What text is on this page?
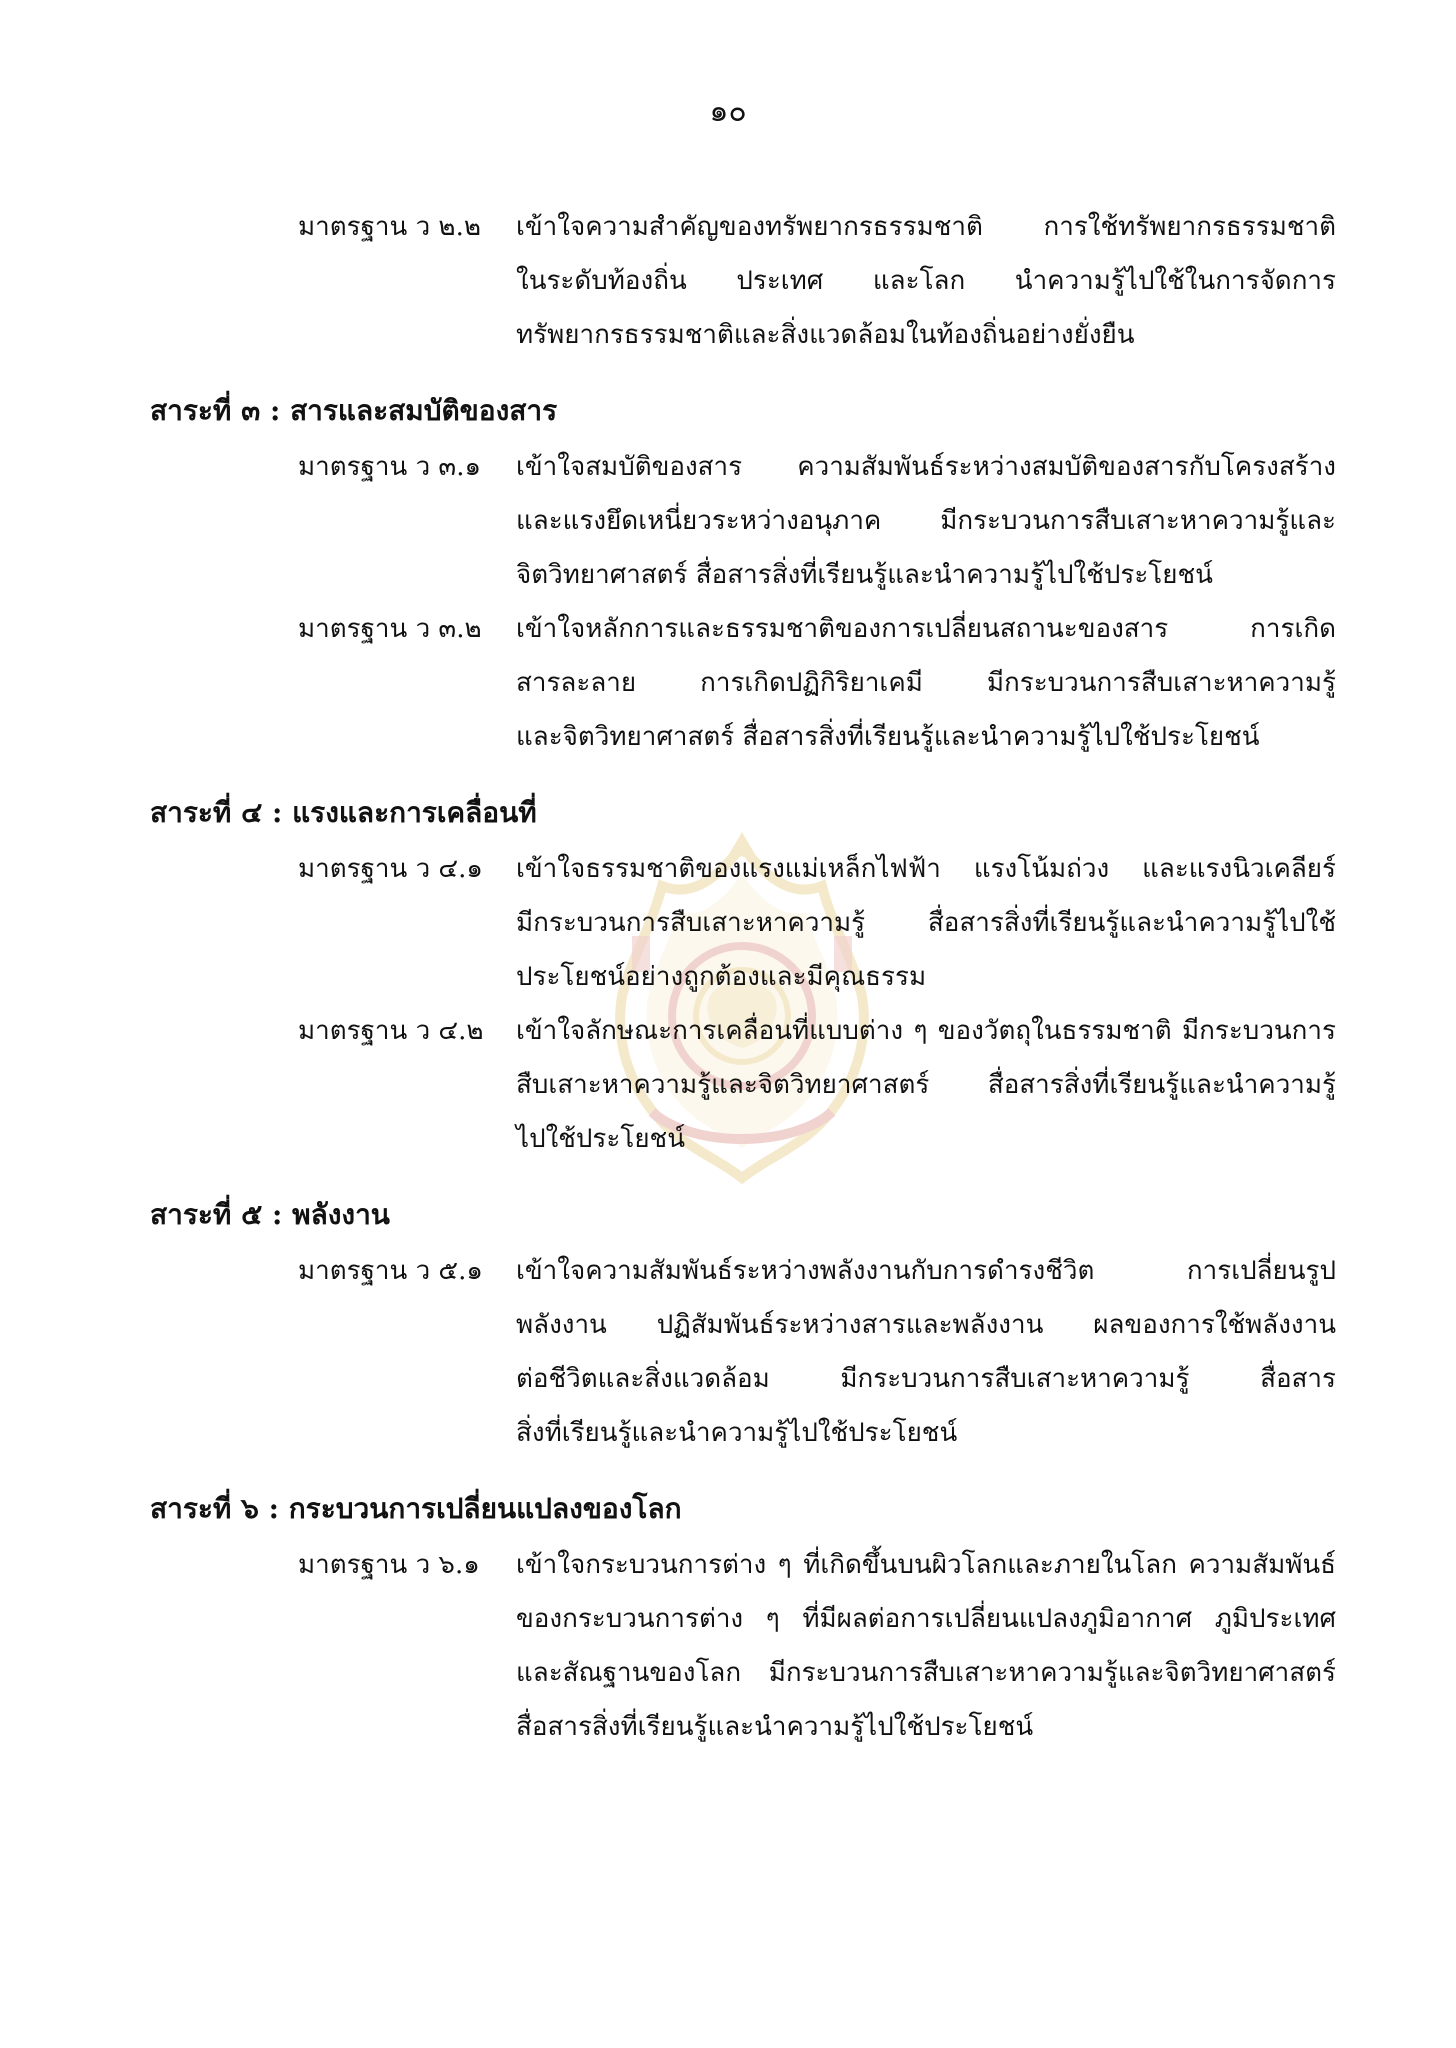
๑๐
มาตรฐาน ว ๒.๒	เข้าใจความสำคัญของทรัพยากรธรรมชาติ การใช้ทรัพยากรธรรมชาติ
ในระดับท้องถิ่น ประเทศ และโลก นำความรู้ไปใช้ในการจัดการ
ทรัพยากรธรรมชาติและสิ่งแวดล้อมในท้องถิ่นอย่างยั่งยืน
สาระที่ ๓ : สารและสมบัติของสาร
มาตรฐาน ว ๓.๑	เข้าใจสมบัติของสาร ความสัมพันธ์ระหว่างสมบัติของสารกับโครงสร้าง
และแรงยึดเหนี่ยวระหว่างอนุภาค มีกระบวนการสืบเสาะหาความรู้และ
จิตวิทยาศาสตร์ สื่อสารสิ่งที่เรียนรู้และนำความรู้ไปใช้ประโยชน์
มาตรฐาน ว ๓.๒	เข้าใจหลักการและธรรมชาติของการเปลี่ยนสถานะของสาร การเกิด
สารละลาย การเกิดปฏิกิริยาเคมี มีกระบวนการสืบเสาะหาความรู้
และจิตวิทยาศาสตร์ สื่อสารสิ่งที่เรียนรู้และนำความรู้ไปใช้ประโยชน์
สาระที่ ๔ : แรงและการเคลื่อนที่
มาตรฐาน ว ๔.๑	เข้าใจธรรมชาติของแรงแม่เหล็กไฟฟ้า แรงโน้มถ่วง และแรงนิวเคลียร์
มีกระบวนการสืบเสาะหาความรู้ สื่อสารสิ่งที่เรียนรู้และนำความรู้ไปใช้
ประโยชน์อย่างถูกต้องและมีคุณธรรม
มาตรฐาน ว ๔.๒	เข้าใจลักษณะการเคลื่อนที่แบบต่าง ๆ ของวัตถุในธรรมชาติ มีกระบวนการ
สืบเสาะหาความรู้และจิตวิทยาศาสตร์ สื่อสารสิ่งที่เรียนรู้และนำความรู้
ไปใช้ประโยชน์
สาระที่ ๕ : พลังงาน
มาตรฐาน ว ๕.๑	เข้าใจความสัมพันธ์ระหว่างพลังงานกับการดำรงชีวิต การเปลี่ยนรูป
พลังงาน ปฏิสัมพันธ์ระหว่างสารและพลังงาน ผลของการใช้พลังงาน
ต่อชีวิตและสิ่งแวดล้อม มีกระบวนการสืบเสาะหาความรู้ สื่อสาร
สิ่งที่เรียนรู้และนำความรู้ไปใช้ประโยชน์
สาระที่ ๖ : กระบวนการเปลี่ยนแปลงของโลก
มาตรฐาน ว ๖.๑	เข้าใจกระบวนการต่าง ๆ ที่เกิดขึ้นบนผิวโลกและภายในโลก ความสัมพันธ์
ของกระบวนการต่าง ๆ ที่มีผลต่อการเปลี่ยนแปลงภูมิอากาศ ภูมิประเทศ
และสัณฐานของโลก มีกระบวนการสืบเสาะหาความรู้และจิตวิทยาศาสตร์
สื่อสารสิ่งที่เรียนรู้และนำความรู้ไปใช้ประโยชน์
